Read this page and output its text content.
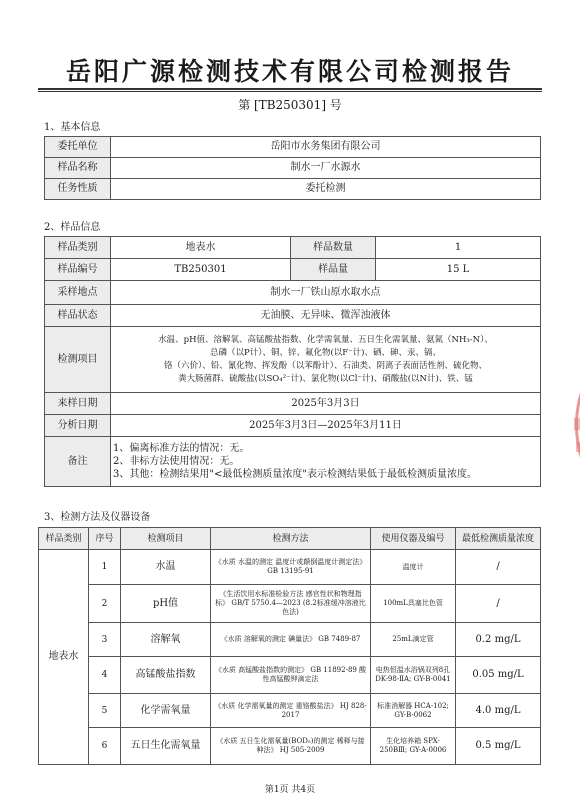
岳阳广源检测技术有限公司检测报告
第 [TB250301] 号
1、基本信息
委托单位	岳阳市水务集团有限公司
样品名称	制水一厂水源水
任务性质	委托检测
2、样品信息
样品类别	地表水	样品数量	1
样品编号	TB250301	样品量	15 L
采样地点	制水一厂铁山原水取水点		
样品状态	无油膜、无异味、微浑浊液体		
检测项目	水温、pH值、溶解氧、高锰酸盐指数、化学需氧量、五日生化需氧量、氨氮（NH₃-N）、
总磷（以P计）、铜、锌、氟化物(以F⁻计)、硒、砷、汞、镉、
铬（六价）、铅、氰化物、挥发酚（以苯酚计）、石油类、阴离子表面活性剂、硫化物、
粪大肠菌群、硫酸盐(以SO₄²⁻计)、氯化物(以Cl⁻计)、硝酸盐(以N计)、铁、锰		

来样日期	2025年3月3日		
分析日期	2025年3月3日—2025年3月11日		
备注	1、偏离标准方法的情况：无。
2、非标方法使用情况：无。
3、其他：检测结果用"<最低检测质量浓度"表示检测结果低于最低检测质量浓度。		
3、检测方法及仪器设备
样品类别	序号	检测项目	检测方法	使用仪器及编号	最低检测质量浓度
地表水	1	水温	《水质 水温的测定 温度计或颠倒温度计测定法》 GB 13195-91	温度计	/
	2	pH值	《生活饮用水标准检验方法 感官性状和物理指标》 GB/T 5750.4—2023 (8.2标准缓冲溶液比色法)	100mL具塞比色管	/
	3	溶解氧	《水质 溶解氧的测定 碘量法》 GB 7489-87	25mL滴定管	0.2 mg/L
	4	高锰酸盐指数	《水质 高锰酸盐指数的测定》 GB 11892-89 酸性高锰酸钾滴定法	电热恒温水浴锅双列8孔 DK-98-ⅡA; GY-B-0041	0.05 mg/L
	5	化学需氧量	《水质 化学需氧量的测定 重铬酸盐法》 HJ 828-2017	标准消解器 HCA-102; GY-B-0062	4.0 mg/L
	6	五日生化需氧量	《水质 五日生化需氧量(BOD₅)的测定 稀释与接种法》 HJ 505-2009	生化培养箱 SPX-250BⅢ; GY-A-0006	0.5 mg/L
第1页 共4页
